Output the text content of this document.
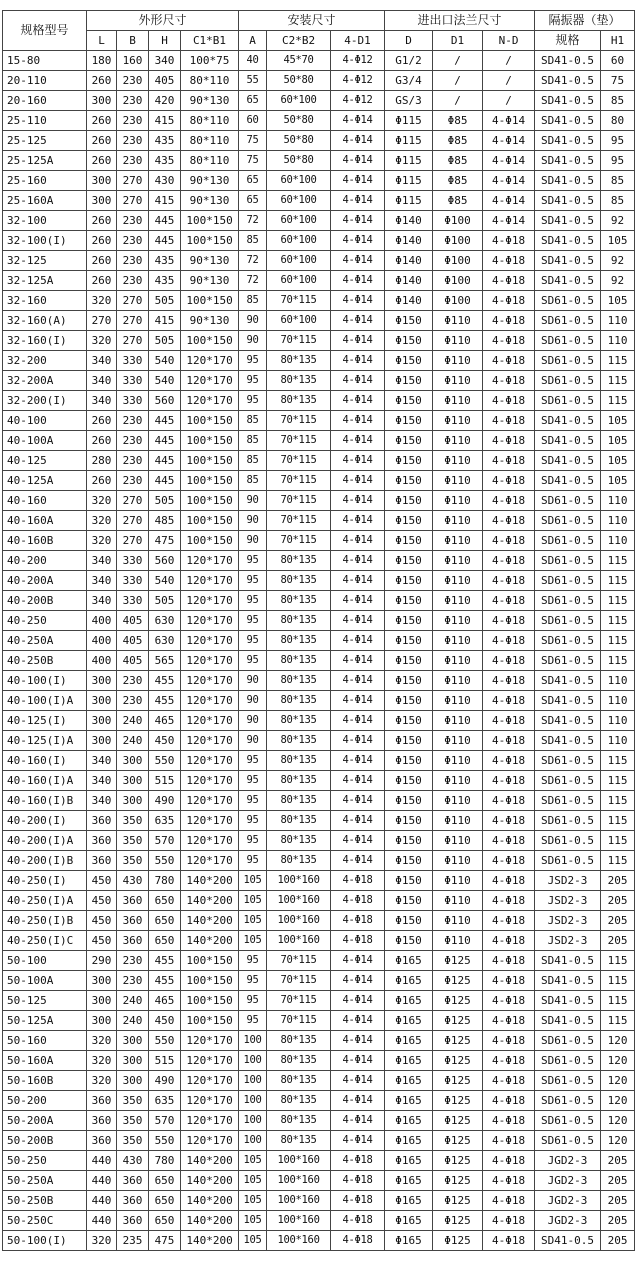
规格型号	外形尺寸				安装尺寸			进出口法兰尺寸			隔振器（垫）	
	L	B	H	C1*B1	A	C2*B2	4-D1	D	D1	N-D	规格	H1
15-80	180	160	340	100*75	40	45*70	4-Φ12	G1/2	/	/	SD41-0.5	60
20-110	260	230	405	80*110	55	50*80	4-Φ12	G3/4	/	/	SD41-0.5	75
20-160	300	230	420	90*130	65	60*100	4-Φ12	GS/3	/	/	SD41-0.5	85
25-110	260	230	415	80*110	60	50*80	4-Φ14	Φ115	Φ85	4-Φ14	SD41-0.5	80
25-125	260	230	435	80*110	75	50*80	4-Φ14	Φ115	Φ85	4-Φ14	SD41-0.5	95
25-125A	260	230	435	80*110	75	50*80	4-Φ14	Φ115	Φ85	4-Φ14	SD41-0.5	95
25-160	300	270	430	90*130	65	60*100	4-Φ14	Φ115	Φ85	4-Φ14	SD41-0.5	85
25-160A	300	270	415	90*130	65	60*100	4-Φ14	Φ115	Φ85	4-Φ14	SD41-0.5	85
32-100	260	230	445	100*150	72	60*100	4-Φ14	Φ140	Φ100	4-Φ14	SD41-0.5	92
32-100(I)	260	230	445	100*150	85	60*100	4-Φ14	Φ140	Φ100	4-Φ18	SD41-0.5	105
32-125	260	230	435	90*130	72	60*100	4-Φ14	Φ140	Φ100	4-Φ18	SD41-0.5	92
32-125A	260	230	435	90*130	72	60*100	4-Φ14	Φ140	Φ100	4-Φ18	SD41-0.5	92
32-160	320	270	505	100*150	85	70*115	4-Φ14	Φ140	Φ100	4-Φ18	SD61-0.5	105
32-160(A)	270	270	415	90*130	90	60*100	4-Φ14	Φ150	Φ110	4-Φ18	SD61-0.5	110
32-160(I)	320	270	505	100*150	90	70*115	4-Φ14	Φ150	Φ110	4-Φ18	SD61-0.5	110
32-200	340	330	540	120*170	95	80*135	4-Φ14	Φ150	Φ110	4-Φ18	SD61-0.5	115
32-200A	340	330	540	120*170	95	80*135	4-Φ14	Φ150	Φ110	4-Φ18	SD61-0.5	115
32-200(I)	340	330	560	120*170	95	80*135	4-Φ14	Φ150	Φ110	4-Φ18	SD61-0.5	115
40-100	260	230	445	100*150	85	70*115	4-Φ14	Φ150	Φ110	4-Φ18	SD41-0.5	105
40-100A	260	230	445	100*150	85	70*115	4-Φ14	Φ150	Φ110	4-Φ18	SD41-0.5	105
40-125	280	230	445	100*150	85	70*115	4-Φ14	Φ150	Φ110	4-Φ18	SD41-0.5	105
40-125A	260	230	445	100*150	85	70*115	4-Φ14	Φ150	Φ110	4-Φ18	SD41-0.5	105
40-160	320	270	505	100*150	90	70*115	4-Φ14	Φ150	Φ110	4-Φ18	SD61-0.5	110
40-160A	320	270	485	100*150	90	70*115	4-Φ14	Φ150	Φ110	4-Φ18	SD61-0.5	110
40-160B	320	270	475	100*150	90	70*115	4-Φ14	Φ150	Φ110	4-Φ18	SD61-0.5	110
40-200	340	330	560	120*170	95	80*135	4-Φ14	Φ150	Φ110	4-Φ18	SD61-0.5	115
40-200A	340	330	540	120*170	95	80*135	4-Φ14	Φ150	Φ110	4-Φ18	SD61-0.5	115
40-200B	340	330	505	120*170	95	80*135	4-Φ14	Φ150	Φ110	4-Φ18	SD61-0.5	115
40-250	400	405	630	120*170	95	80*135	4-Φ14	Φ150	Φ110	4-Φ18	SD61-0.5	115
40-250A	400	405	630	120*170	95	80*135	4-Φ14	Φ150	Φ110	4-Φ18	SD61-0.5	115
40-250B	400	405	565	120*170	95	80*135	4-Φ14	Φ150	Φ110	4-Φ18	SD61-0.5	115
40-100(I)	300	230	455	120*170	90	80*135	4-Φ14	Φ150	Φ110	4-Φ18	SD41-0.5	110
40-100(I)A	300	230	455	120*170	90	80*135	4-Φ14	Φ150	Φ110	4-Φ18	SD41-0.5	110
40-125(I)	300	240	465	120*170	90	80*135	4-Φ14	Φ150	Φ110	4-Φ18	SD41-0.5	110
40-125(I)A	300	240	450	120*170	90	80*135	4-Φ14	Φ150	Φ110	4-Φ18	SD41-0.5	110
40-160(I)	340	300	550	120*170	95	80*135	4-Φ14	Φ150	Φ110	4-Φ18	SD61-0.5	115
40-160(I)A	340	300	515	120*170	95	80*135	4-Φ14	Φ150	Φ110	4-Φ18	SD61-0.5	115
40-160(I)B	340	300	490	120*170	95	80*135	4-Φ14	Φ150	Φ110	4-Φ18	SD61-0.5	115
40-200(I)	360	350	635	120*170	95	80*135	4-Φ14	Φ150	Φ110	4-Φ18	SD61-0.5	115
40-200(I)A	360	350	570	120*170	95	80*135	4-Φ14	Φ150	Φ110	4-Φ18	SD61-0.5	115
40-200(I)B	360	350	550	120*170	95	80*135	4-Φ14	Φ150	Φ110	4-Φ18	SD61-0.5	115
40-250(I)	450	430	780	140*200	105	100*160	4-Φ18	Φ150	Φ110	4-Φ18	JSD2-3	205
40-250(I)A	450	360	650	140*200	105	100*160	4-Φ18	Φ150	Φ110	4-Φ18	JSD2-3	205
40-250(I)B	450	360	650	140*200	105	100*160	4-Φ18	Φ150	Φ110	4-Φ18	JSD2-3	205
40-250(I)C	450	360	650	140*200	105	100*160	4-Φ18	Φ150	Φ110	4-Φ18	JSD2-3	205
50-100	290	230	455	100*150	95	70*115	4-Φ14	Φ165	Φ125	4-Φ18	SD41-0.5	115
50-100A	300	230	455	100*150	95	70*115	4-Φ14	Φ165	Φ125	4-Φ18	SD41-0.5	115
50-125	300	240	465	100*150	95	70*115	4-Φ14	Φ165	Φ125	4-Φ18	SD41-0.5	115
50-125A	300	240	450	100*150	95	70*115	4-Φ14	Φ165	Φ125	4-Φ18	SD41-0.5	115
50-160	320	300	550	120*170	100	80*135	4-Φ14	Φ165	Φ125	4-Φ18	SD61-0.5	120
50-160A	320	300	515	120*170	100	80*135	4-Φ14	Φ165	Φ125	4-Φ18	SD61-0.5	120
50-160B	320	300	490	120*170	100	80*135	4-Φ14	Φ165	Φ125	4-Φ18	SD61-0.5	120
50-200	360	350	635	120*170	100	80*135	4-Φ14	Φ165	Φ125	4-Φ18	SD61-0.5	120
50-200A	360	350	570	120*170	100	80*135	4-Φ14	Φ165	Φ125	4-Φ18	SD61-0.5	120
50-200B	360	350	550	120*170	100	80*135	4-Φ14	Φ165	Φ125	4-Φ18	SD61-0.5	120
50-250	440	430	780	140*200	105	100*160	4-Φ18	Φ165	Φ125	4-Φ18	JGD2-3	205
50-250A	440	360	650	140*200	105	100*160	4-Φ18	Φ165	Φ125	4-Φ18	JGD2-3	205
50-250B	440	360	650	140*200	105	100*160	4-Φ18	Φ165	Φ125	4-Φ18	JGD2-3	205
50-250C	440	360	650	140*200	105	100*160	4-Φ18	Φ165	Φ125	4-Φ18	JGD2-3	205
50-100(I)	320	235	475	140*200	105	100*160	4-Φ18	Φ165	Φ125	4-Φ18	SD41-0.5	205
